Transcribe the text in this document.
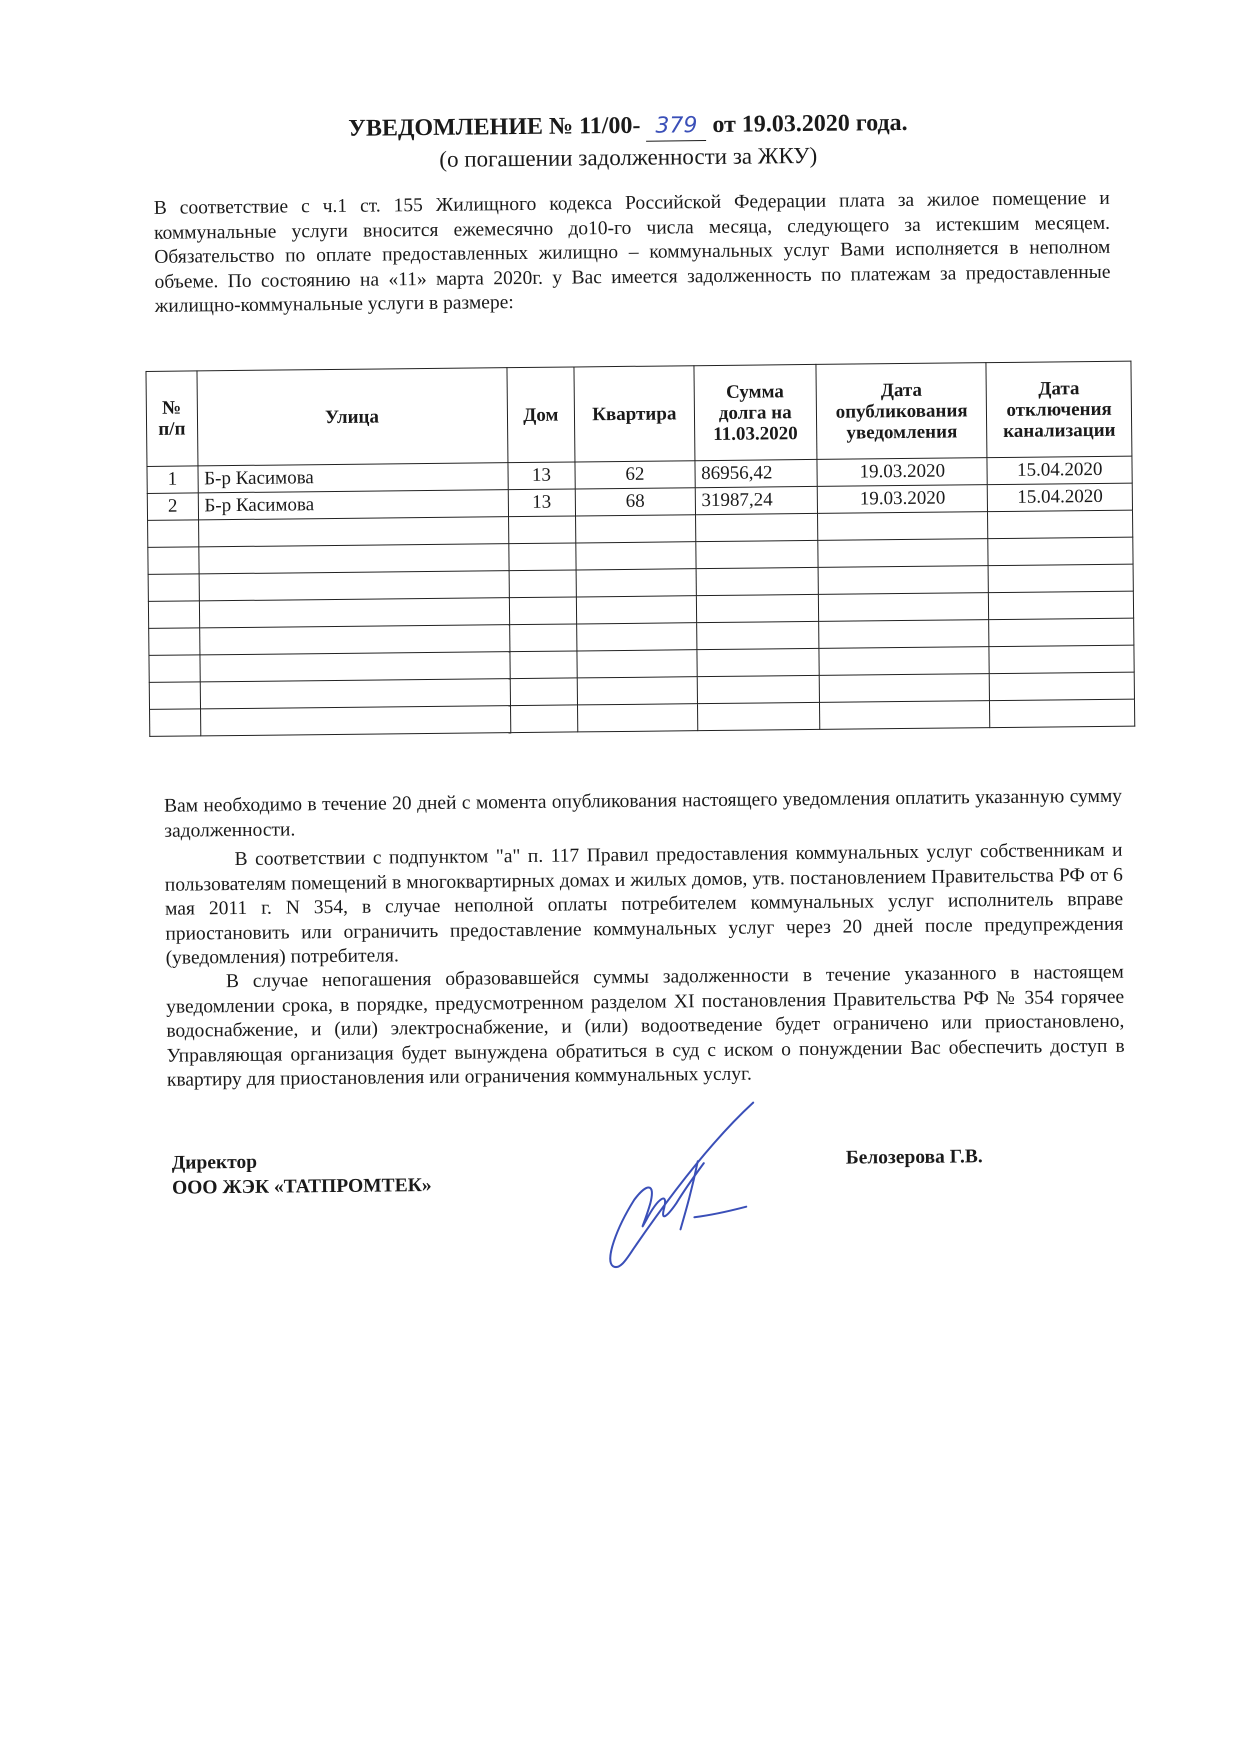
УВЕДОМЛЕНИЕ № 11/00- 379 от 19.03.2020 года.
(о погашении задолженности за ЖКУ)
В соответствие с ч.1 ст. 155 Жилищного кодекса Российской Федерации плата за жилое помещение и коммунальные услуги вносится ежемесячно до10-го числа месяца, следующего за истекшим месяцем. Обязательство по оплате предоставленных жилищно – коммунальных услуг Вами исполняется в неполном объеме. По состоянию на «11» марта 2020г. у Вас имеется задолженность по платежам за предоставленные жилищно-коммунальные услуги в размере:
№ п/п	Улица	Дом	Квартира	Сумма долга на 11.03.2020	Дата опубликования уведомления	Дата отключения канализации
1	Б-р Касимова	13	62	86956,42	19.03.2020	15.04.2020
2	Б-р Касимова	13	68	31987,24	19.03.2020	15.04.2020

Вам необходимо в течение 20 дней с момента опубликования настоящего уведомления оплатить указанную сумму задолженности.
В соответствии с подпунктом "а" п. 117 Правил предоставления коммунальных услуг собственникам и пользователям помещений в многоквартирных домах и жилых домов, утв. постановлением Правительства РФ от 6 мая 2011 г. N 354, в случае неполной оплаты потребителем коммунальных услуг исполнитель вправе приостановить или ограничить предоставление коммунальных услуг через 20 дней после предупреждения (уведомления) потребителя.
В случае непогашения образовавшейся суммы задолженности в течение указанного в настоящем уведомлении срока, в порядке, предусмотренном разделом XI постановления Правительства РФ № 354 горячее водоснабжение, и (или) электроснабжение, и (или) водоотведение будет ограничено или приостановлено, Управляющая организация будет вынуждена обратиться в суд с иском о понуждении Вас обеспечить доступ в квартиру для приостановления или ограничения коммунальных услуг.
Директор
ООО ЖЭК «ТАТПРОМТЕК»
Белозерова Г.В.
